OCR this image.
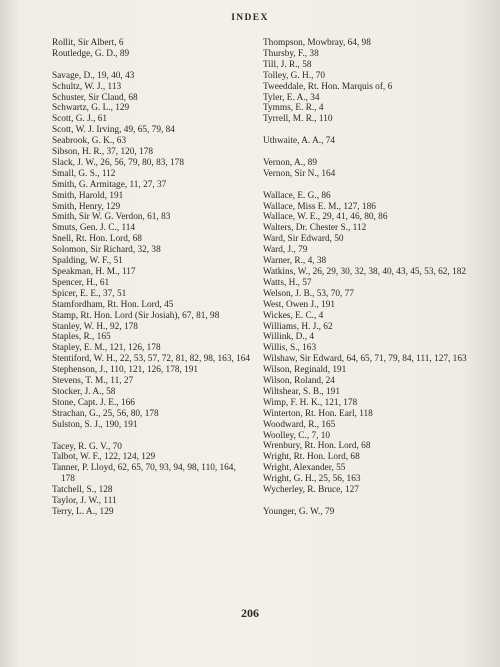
INDEX
Rollit, Sir Albert, 6
Routledge, G. D., 89
Savage, D., 19, 40, 43
Schultz, W. J., 113
Schuster, Sir Claud, 68
Schwartz, G. L., 129
Scott, G. J., 61
Scott, W. J. Irving, 49, 65, 79, 84
Seabrook, G. K., 63
Sibson, H. R., 37, 120, 178
Slack, J. W., 26, 56, 79, 80, 83, 178
Small, G. S., 112
Smith, G. Armitage, 11, 27, 37
Smith, Harold, 191
Smith, Henry, 129
Smith, Sir W. G. Verdon, 61, 83
Smuts, Gen. J. C., 114
Snell, Rt. Hon. Lord, 68
Solomon, Sir Richard, 32, 38
Spalding, W. F., 51
Speakman, H. M., 117
Spencer, H., 61
Spicer, E. E., 37, 51
Stamfordham, Rt. Hon. Lord, 45
Stamp, Rt. Hon. Lord (Sir Josiah), 67, 81, 98
Stanley, W. H., 92, 178
Staples, R., 165
Stapley, E. M., 121, 126, 178
Stentiford, W. H., 22, 53, 57, 72, 81, 82, 98, 163, 164
Stephenson, J., 110, 121, 126, 178, 191
Stevens, T. M., 11, 27
Stocker, J. A., 58
Stone, Capt. J. E., 166
Strachan, G., 25, 56, 80, 178
Sulston, S. J., 190, 191
Tacey, R. G. V., 70
Talbot, W. F., 122, 124, 129
Tanner, P. Lloyd, 62, 65, 70, 93, 94, 98, 110, 164, 178
Tatchell, S., 128
Taylor, J. W., 111
Terry, L. A., 129
Thompson, Mowbray, 64, 98
Thursby, F., 38
Till, J. R., 58
Tolley, G. H., 70
Tweeddale, Rt. Hon. Marquis of, 6
Tyler, E. A., 34
Tymms, E. R., 4
Tyrrell, M. R., 110
Uthwaite, A. A., 74
Vernon, A., 89
Vernon, Sir N., 164
Wallace, E. G., 86
Wallace, Miss E. M., 127, 186
Wallace, W. E., 29, 41, 46, 80, 86
Walters, Dr. Chester S., 112
Ward, Sir Edward, 50
Ward, J., 79
Warner, R., 4, 38
Watkins, W., 26, 29, 30, 32, 38, 40, 43, 45, 53, 62, 182
Watts, H., 57
Welson, J. B., 53, 70, 77
West, Owen J., 191
Wickes, E. C., 4
Williams, H. J., 62
Willink, D., 4
Willis, S., 163
Wilshaw, Sir Edward, 64, 65, 71, 79, 84, 111, 127, 163
Wilson, Reginald, 191
Wilson, Roland, 24
Wiltshear, S. B., 191
Wimp, F. H. K., 121, 178
Winterton, Rt. Hon. Earl, 118
Woodward, R., 165
Woolley, C., 7, 10
Wrenbury, Rt. Hon. Lord, 68
Wright, Rt. Hon. Lord, 68
Wright, Alexander, 55
Wright, G. H., 25, 56, 163
Wycherley, R. Bruce, 127
Younger, G. W., 79
206
